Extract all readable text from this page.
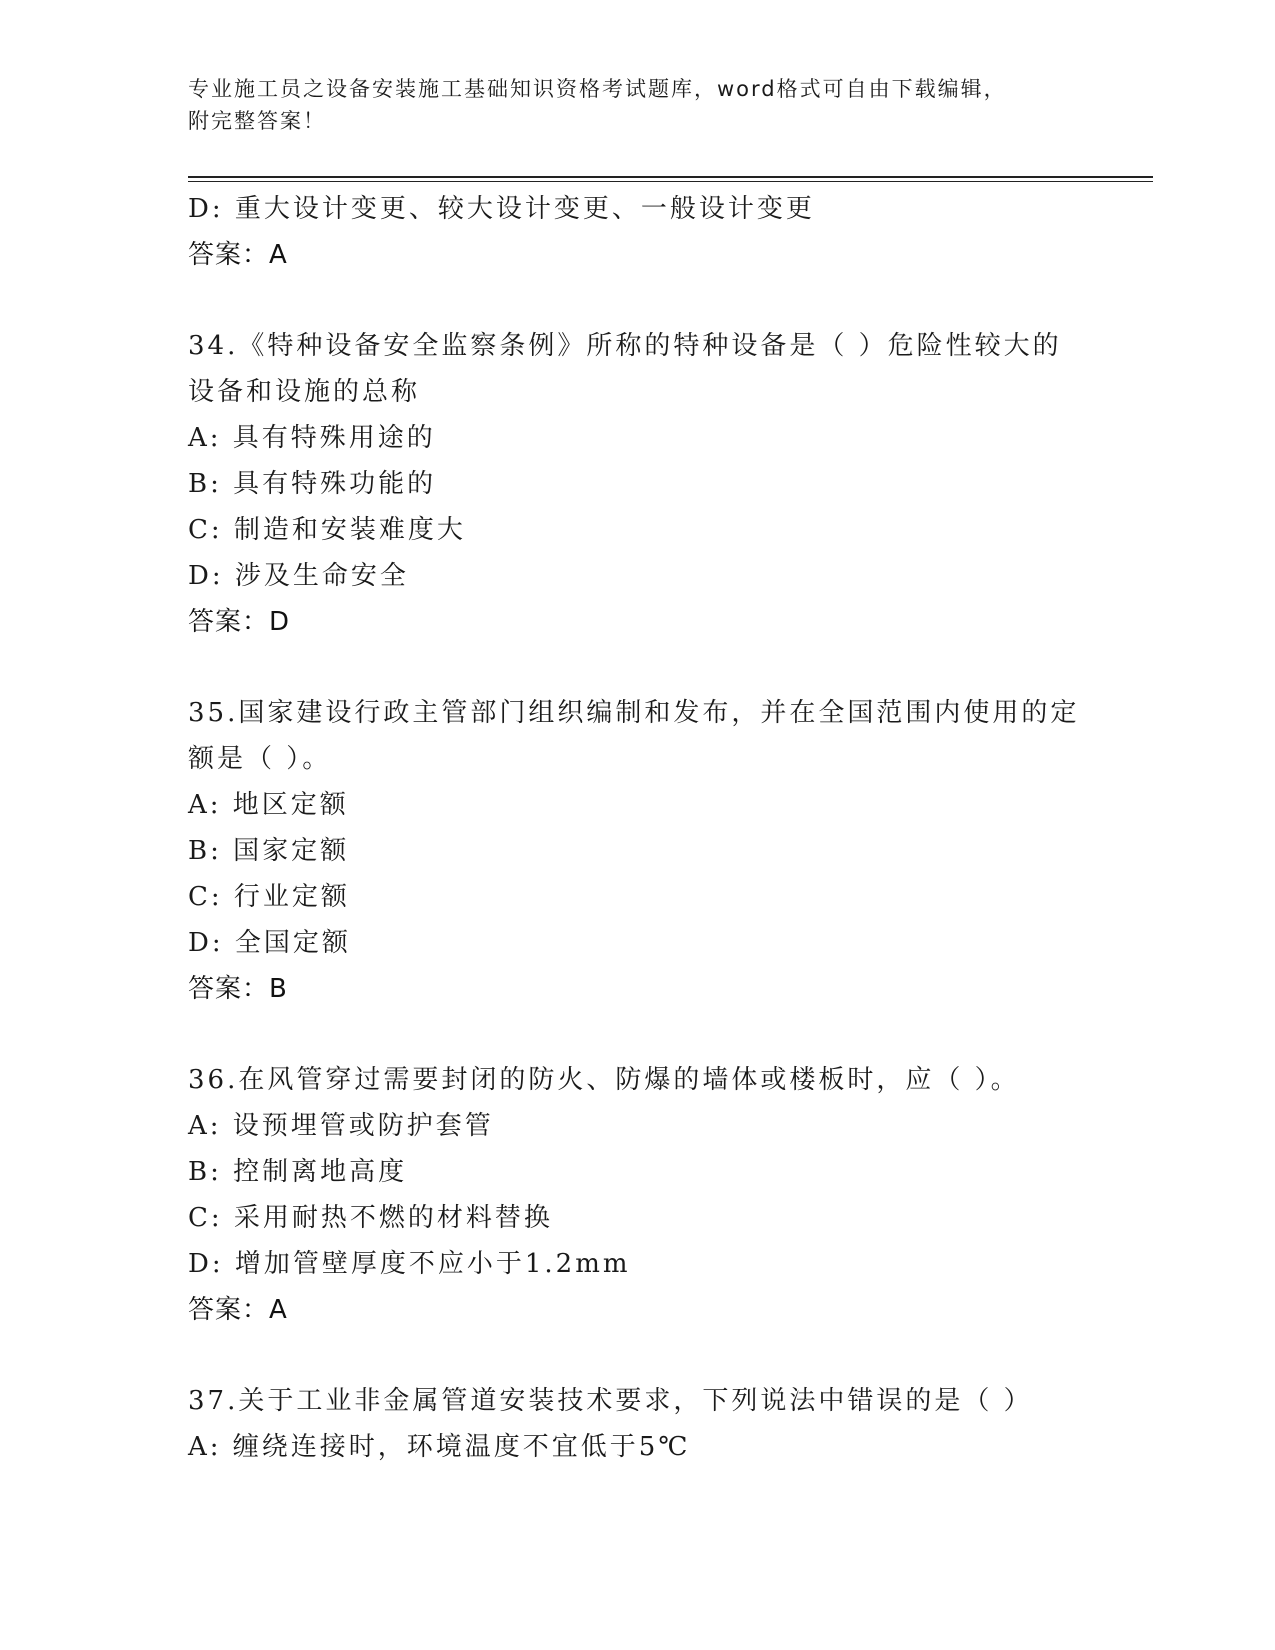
专业施工员之设备安装施工基础知识资格考试题库，word格式可自由下载编辑，
附完整答案！
D: 重大设计变更、较大设计变更、一般设计变更
答案：A
34.《特种设备安全监察条例》所称的特种设备是（ ）危险性较大的
设备和设施的总称
A: 具有特殊用途的
B: 具有特殊功能的
C: 制造和安装难度大
D: 涉及生命安全
答案：D
35.国家建设行政主管部门组织编制和发布，并在全国范围内使用的定
额是（ ）。
A: 地区定额
B: 国家定额
C: 行业定额
D: 全国定额
答案：B
36.在风管穿过需要封闭的防火、防爆的墙体或楼板时，应（ ）。
A: 设预埋管或防护套管
B: 控制离地高度
C: 采用耐热不燃的材料替换
D: 增加管壁厚度不应小于1.2mm
答案：A
37.关于工业非金属管道安装技术要求，下列说法中错误的是（ ）
A: 缠绕连接时，环境温度不宜低于5℃
